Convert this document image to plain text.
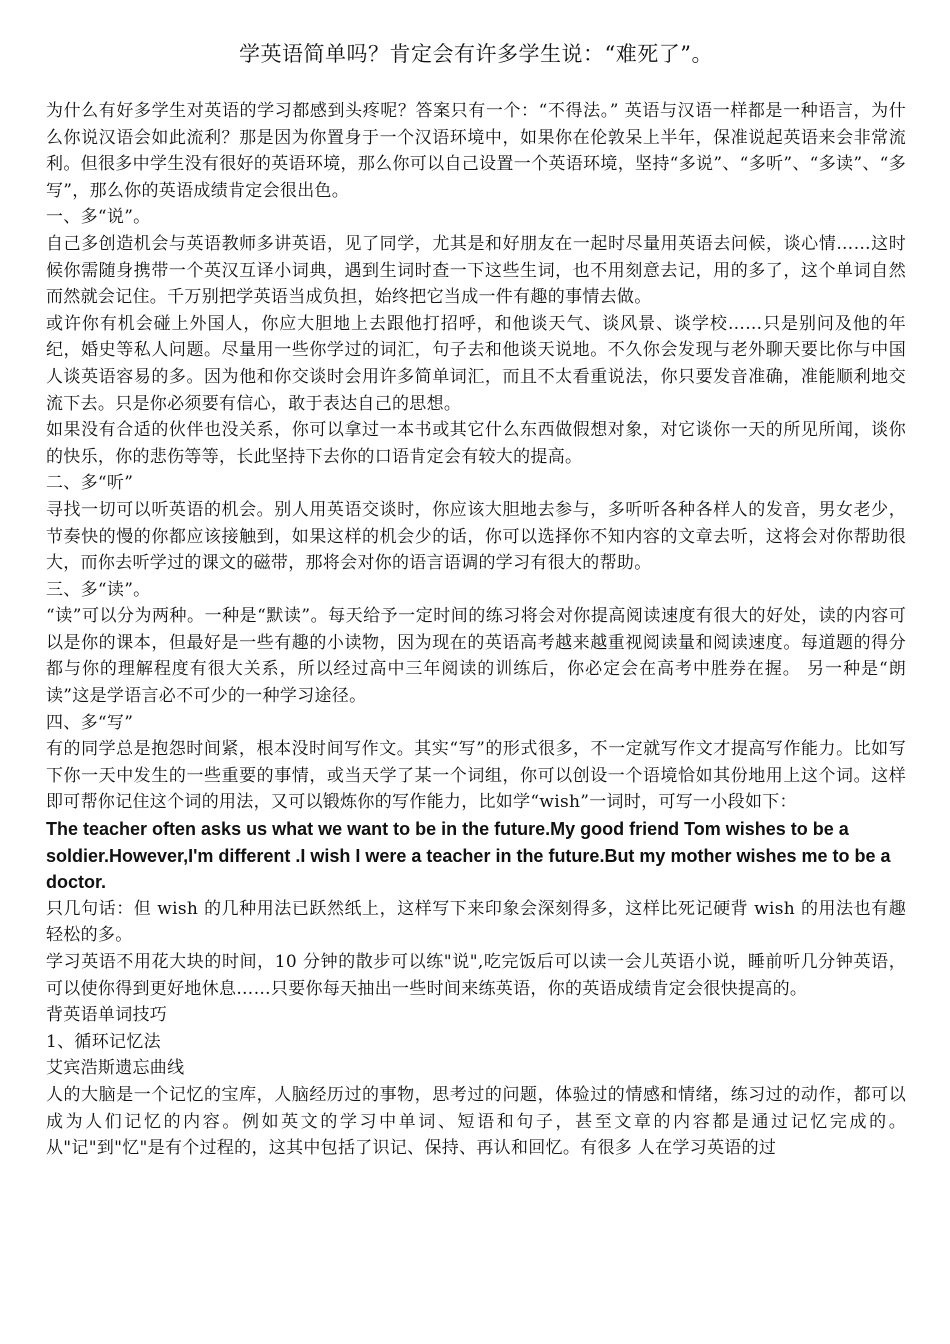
学英语简单吗？肯定会有许多学生说：“难死了”。

为什么有好多学生对英语的学习都感到头疼呢？答案只有一个：“不得法。” 英语与汉语一样都是一种语言，为什么你说汉语会如此流利？那是因为你置身于一个汉语环境中，如果你在伦敦呆上半年，保准说起英语来会非常流利。但很多中学生没有很好的英语环境，那么你可以自己设置一个英语环境，坚持“多说”、“多听”、“多读”、“多写”，那么你的英语成绩肯定会很出色。

一、多“说”。

自己多创造机会与英语教师多讲英语，见了同学，尤其是和好朋友在一起时尽量用英语去问候，谈心情……这时候你需随身携带一个英汉互译小词典，遇到生词时查一下这些生词，也不用刻意去记，用的多了，这个单词自然而然就会记住。千万别把学英语当成负担，始终把它当成一件有趣的事情去做。

或许你有机会碰上外国人，你应大胆地上去跟他打招呼，和他谈天气、谈风景、谈学校……只是别问及他的年纪，婚史等私人问题。尽量用一些你学过的词汇，句子去和他谈天说地。不久你会发现与老外聊天要比你与中国人谈英语容易的多。因为他和你交谈时会用许多简单词汇，而且不太看重说法，你只要发音准确，准能顺利地交流下去。只是你必须要有信心，敢于表达自己的思想。

如果没有合适的伙伴也没关系，你可以拿过一本书或其它什么东西做假想对象，对它谈你一天的所见所闻，谈你的快乐，你的悲伤等等，长此坚持下去你的口语肯定会有较大的提高。

二、多“听”

寻找一切可以听英语的机会。别人用英语交谈时，你应该大胆地去参与，多听听各种各样人的发音，男女老少，节奏快的慢的你都应该接触到，如果这样的机会少的话，你可以选择你不知内容的文章去听，这将会对你帮助很大，而你去听学过的课文的磁带，那将会对你的语言语调的学习有很大的帮助。

三、多“读”。

“读”可以分为两种。一种是“默读”。每天给予一定时间的练习将会对你提高阅读速度有很大的好处，读的内容可以是你的课本，但最好是一些有趣的小读物，因为现在的英语高考越来越重视阅读量和阅读速度。每道题的得分都与你的理解程度有很大关系，所以经过高中三年阅读的训练后，你必定会在高考中胜券在握。 另一种是“朗读”这是学语言必不可少的一种学习途径。

四、多“写”

有的同学总是抱怨时间紧，根本没时间写作文。其实“写”的形式很多，不一定就写作文才提高写作能力。比如写下你一天中发生的一些重要的事情，或当天学了某一个词组，你可以创设一个语境恰如其份地用上这个词。这样即可帮你记住这个词的用法，又可以锻炼你的写作能力，比如学“wish”一词时，可写一小段如下：

The teacher often asks us what we want to be in the future.My good friend Tom wishes to be a soldier.However,I'm different .I wish I were a teacher in the future.But my mother wishes me to be a doctor.

只几句话：但 wish 的几种用法已跃然纸上，这样写下来印象会深刻得多，这样比死记硬背 wish 的用法也有趣轻松的多。

学习英语不用花大块的时间，10 分钟的散步可以练"说",吃完饭后可以读一会儿英语小说，睡前听几分钟英语，可以使你得到更好地休息……只要你每天抽出一些时间来练英语，你的英语成绩肯定会很快提高的。

背英语单词技巧

1、循环记忆法

艾宾浩斯遗忘曲线

人的大脑是一个记忆的宝库，人脑经历过的事物，思考过的问题，体验过的情感和情绪，练习过的动作，都可以成为人们记忆的内容。例如英文的学习中单词、短语和句子，甚至文章的内容都是通过记忆完成的。从"记"到"忆"是有个过程的，这其中包括了识记、保持、再认和回忆。有很多 人在学习英语的过
